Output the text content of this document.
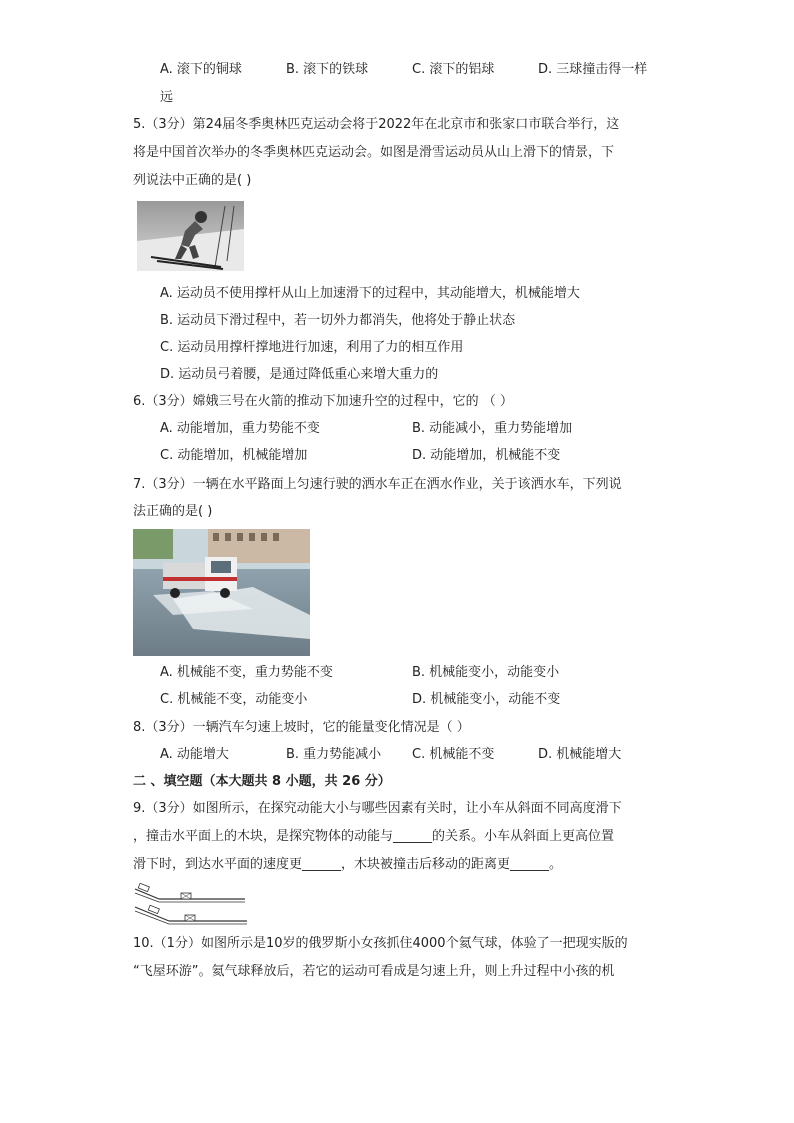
A. 滚下的铜球	B. 滚下的铁球	C. 滚下的铝球	D. 三球撞击得一样
远
5.（3分）第24届冬季奥林匹克运动会将于2022年在北京市和张家口市联合举行，这
将是中国首次举办的冬季奥林匹克运动会。如图是滑雪运动员从山上滑下的情景，下
列说法中正确的是( )
A. 运动员不使用撑杆从山上加速滑下的过程中，其动能增大，机械能增大
B. 运动员下滑过程中，若一切外力都消失，他将处于静止状态
C. 运动员用撑杆撑地进行加速，利用了力的相互作用
D. 运动员弓着腰，是通过降低重心来增大重力的
6.（3分）嫦娥三号在火箭的推动下加速升空的过程中，它的 （ ）
A. 动能增加，重力势能不变	B. 动能减小，重力势能增加
C. 动能增加，机械能增加	D. 动能增加，机械能不变
7.（3分）一辆在水平路面上匀速行驶的洒水车正在洒水作业，关于该洒水车，下列说
法正确的是( )
A. 机械能不变，重力势能不变	B. 机械能变小，动能变小
C. 机械能不变，动能变小	D. 机械能变小，动能不变
8.（3分）一辆汽车匀速上坡时，它的能量变化情况是（ ）
A. 动能增大	B. 重力势能减小 C. 机械能不变	D. 机械能增大
二 、填空题（本大题共 8 小题，共 26 分）
9.（3分）如图所示，在探究动能大小与哪些因素有关时，让小车从斜面不同高度滑下
，撞击水平面上的木块，是探究物体的动能与______的关系。小车从斜面上更高位置
滑下时，到达水平面的速度更______，木块被撞击后移动的距离更______。
10.（1分）如图所示是10岁的俄罗斯小女孩抓住4000个氦气球，体验了一把现实版的
“飞屋环游”。氦气球释放后，若它的运动可看成是匀速上升，则上升过程中小孩的机
